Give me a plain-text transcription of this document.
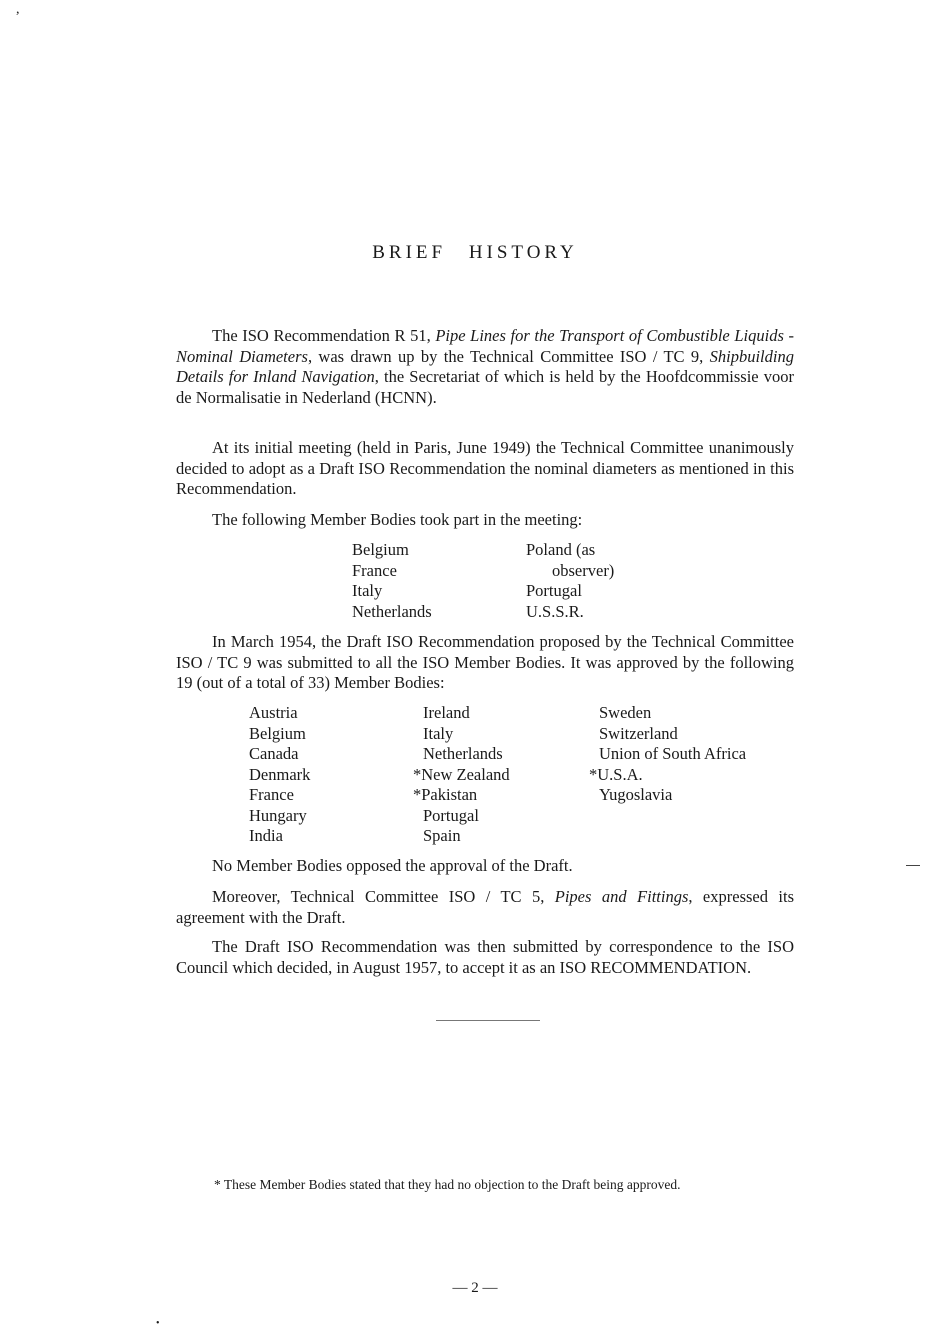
,
BRIEF HISTORY
The ISO Recommendation R 51, Pipe Lines for the Transport of Combustible Liquids - Nominal Diameters, was drawn up by the Technical Committee ISO / TC 9, Shipbuilding Details for Inland Navigation, the Secretariat of which is held by the Hoofdcommissie voor de Normalisatie in Nederland (HCNN).
At its initial meeting (held in Paris, June 1949) the Technical Committee unanimously decided to adopt as a Draft ISO Recommendation the nominal diameters as mentioned in this Recommendation.
The following Member Bodies took part in the meeting:
Belgium
France
Italy
Netherlands
Poland (as
observer)
Portugal
U.S.S.R.
In March 1954, the Draft ISO Recommendation proposed by the Technical Committee ISO / TC 9 was submitted to all the ISO Member Bodies. It was approved by the following 19 (out of a total of 33) Member Bodies:
Austria
Belgium
Canada
Denmark
France
Hungary
India
Ireland
Italy
Netherlands
*New Zealand
*Pakistan
Portugal
Spain
Sweden
Switzerland
Union of South Africa
*U.S.A.
Yugoslavia
No Member Bodies opposed the approval of the Draft.
Moreover, Technical Committee ISO / TC 5, Pipes and Fittings, expressed its agreement with the Draft.
The Draft ISO Recommendation was then submitted by correspondence to the ISO Council which decided, in August 1957, to accept it as an ISO RECOMMENDATION.
* These Member Bodies stated that they had no objection to the Draft being approved.
— 2 —
•
